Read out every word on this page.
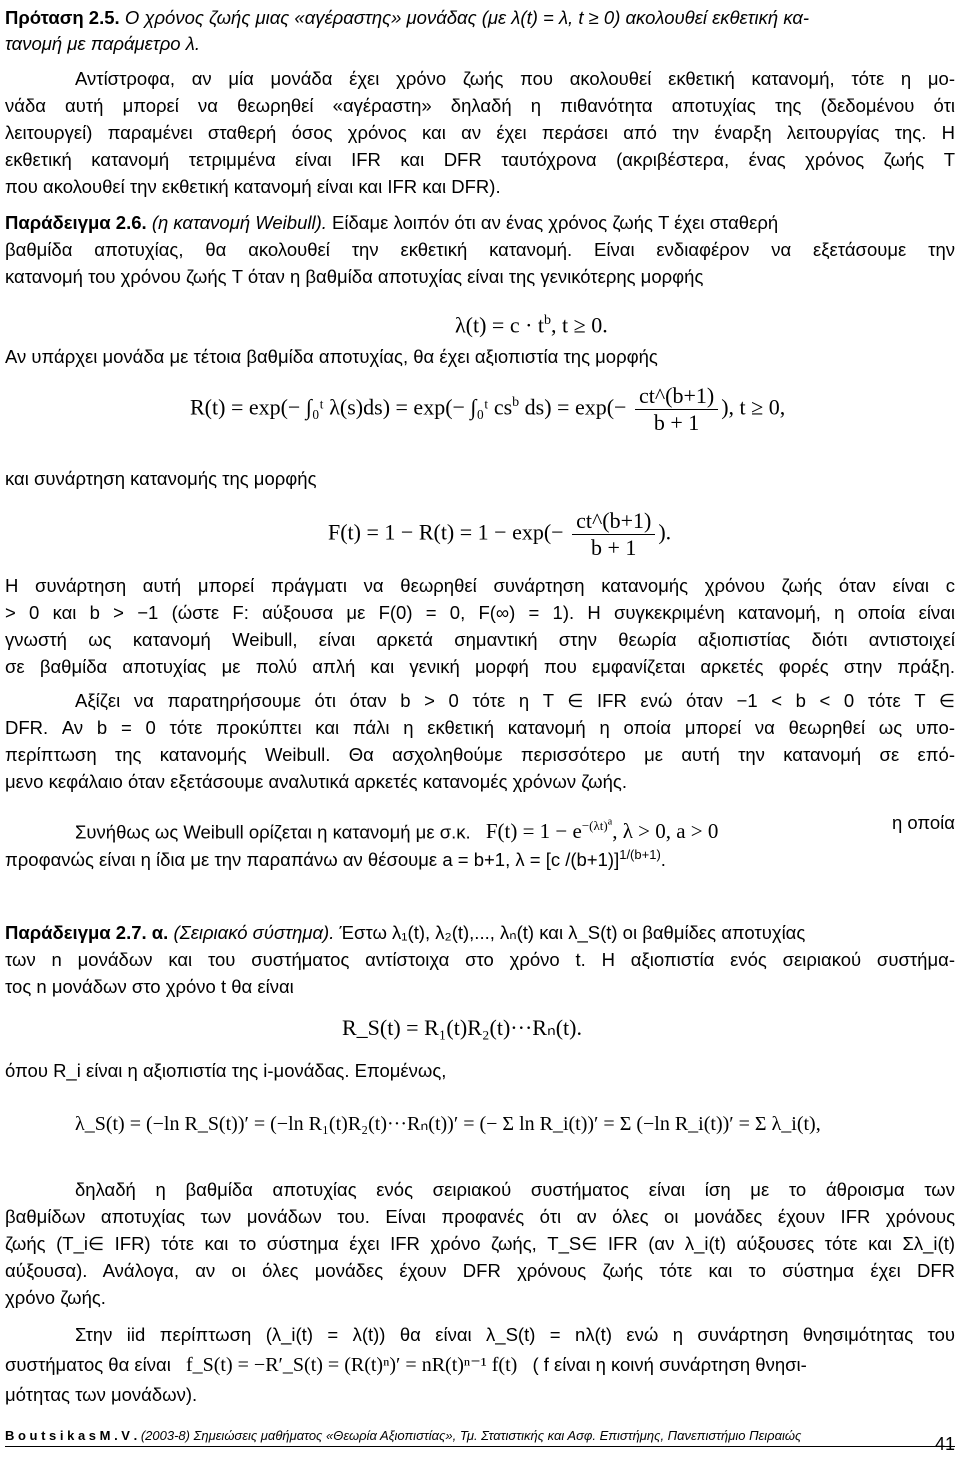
Πρόταση 2.5. Ο χρόνος ζωής μιας «αγέραστης» μονάδας (με λ(t) = λ, t ≥ 0) ακολουθεί εκθετική κα-
τανομή με παράμετρο λ.
Αντίστροφα, αν μία μονάδα έχει χρόνο ζωής που ακολουθεί εκθετική κατανομή, τότε η μο-
νάδα αυτή μπορεί να θεωρηθεί «αγέραστη» δηλαδή η πιθανότητα αποτυχίας της (δεδομένου ότι
λειτουργεί) παραμένει σταθερή όσος χρόνος και αν έχει περάσει από την έναρξη λειτουργίας της. Η
εκθετική κατανομή τετριμμένα είναι IFR και DFR ταυτόχρονα (ακριβέστερα, ένας χρόνος ζωής T
που ακολουθεί την εκθετική κατανομή είναι και IFR και DFR).
Παράδειγμα 2.6. (η κατανομή Weibull). Είδαμε λοιπόν ότι αν ένας χρόνος ζωής T έχει σταθερή
βαθμίδα αποτυχίας, θα ακολουθεί την εκθετική κατανομή. Είναι ενδιαφέρον να εξετάσουμε την
κατανομή του χρόνου ζωής T όταν η βαθμίδα αποτυχίας είναι της γενικότερης μορφής
$\lambda(t) = c \cdot t^b$, t ≥ 0.
Αν υπάρχει μονάδα με τέτοια βαθμίδα αποτυχίας, θα έχει αξιοπιστία της μορφής
R(t) = exp(− ∫₀ᵗ λ(s)ds) = exp(− ∫₀ᵗ $cs^b$ $ds) = \exp(- \frac{ct\^{}(b+1)}{b + 1}$ ), t ≥ 0,
και συνάρτηση κατανομής της μορφής
$F(t) = 1 - R(t) = 1 - \exp(- \frac{ct\^{}(b+1)}{b + 1}$ ).
Η συνάρτηση αυτή μπορεί πράγματι να θεωρηθεί συνάρτηση κατανομής χρόνου ζωής όταν είναι c
> 0 και b > −1 (ώστε F: αύξουσα με F(0) = 0, F(∞) = 1). Η συγκεκριμένη κατανομή, η οποία είναι
γνωστή ως κατανομή Weibull, είναι αρκετά σημαντική στην θεωρία αξιοπιστίας διότι αντιστοιχεί
σε βαθμίδα αποτυχίας με πολύ απλή και γενική μορφή που εμφανίζεται αρκετές φορές στην πράξη.
Αξίζει να παρατηρήσουμε ότι όταν b > 0 τότε η T ∈ IFR ενώ όταν −1 < b < 0 τότε T ∈
DFR. Αν b = 0 τότε προκύπτει και πάλι η εκθετική κατανομή η οποία μπορεί να θεωρηθεί ως υπο-
περίπτωση της κατανομής Weibull. Θα ασχοληθούμε περισσότερο με αυτή την κατανομή σε επό-
μενο κεφάλαιο όταν εξετάσουμε αναλυτικά αρκετές κατανομές χρόνων ζωής.
Συνήθως ως Weibull ορίζεται η κατανομή με σ.κ. $F(t) = 1 - e^{-(\lambda t)^a}$, λ > 0, a > 0	η οποία
προφανώς είναι η ίδια με την παραπάνω αν θέσουμε a = b+1, λ = [c /(b+1)]$^{1/(b+1)}$.
Παράδειγμα 2.7. α. (Σειριακό σύστημα). Έστω λ₁(t), λ₂(t),..., λₙ(t) και λ_S(t) οι βαθμίδες αποτυχίας
των n μονάδων και του συστήματος αντίστοιχα στο χρόνο t. Η αξιοπιστία ενός σειριακού συστήμα-
τος n μονάδων στο χρόνο t θα είναι
R_S(t) = R₁(t)R₂(t)···Rₙ(t).
όπου R_i είναι η αξιοπιστία της i-μονάδας. Επομένως,
λ_S(t) = (−ln R_S(t))′ = (−ln R₁(t)R₂(t)···Rₙ(t))′ = (− Σ ln R_i(t))′ = Σ (−ln R_i(t))′ = Σ λ_i(t),
δηλαδή η βαθμίδα αποτυχίας ενός σειριακού συστήματος είναι ίση με το άθροισμα των
βαθμίδων αποτυχίας των μονάδων του. Είναι προφανές ότι αν όλες οι μονάδες έχουν IFR χρόνους
ζωής (T_i∈ IFR) τότε και το σύστημα έχει IFR χρόνο ζωής, T_S∈ IFR (αν λ_i(t) αύξουσες τότε και Σλ_i(t)
αύξουσα). Ανάλογα, αν οι όλες μονάδες έχουν DFR χρόνους ζωής τότε και το σύστημα έχει DFR
χρόνο ζωής.
Στην iid περίπτωση (λ_i(t) = λ(t)) θα είναι λ_S(t) = nλ(t) ενώ η συνάρτηση θνησιμότητας του
συστήματος θα είναι f_S(t) = −R′_S(t) = (R(t)ⁿ)′ = nR(t)ⁿ⁻¹ f(t) ( f είναι η κοινή συνάρτηση θνησι-
μότητας των μονάδων).
B o u t s i k a s M . V . (2003-8) Σημειώσεις μαθήματος «Θεωρία Αξιοπιστίας», Τμ. Στατιστικής και Ασφ. Επιστήμης, Πανεπιστήμιο Πειραιώς	41
